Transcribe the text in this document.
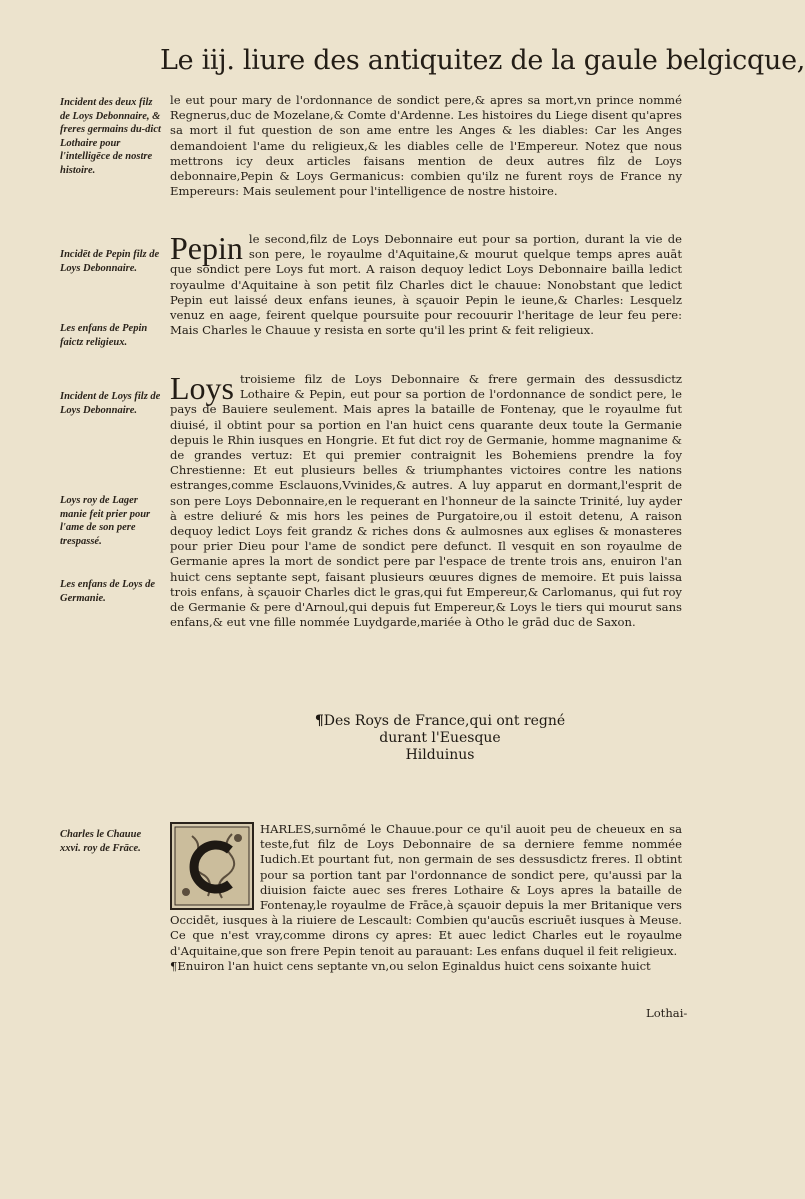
Le iij. liure des antiquitez de la gaule belgicque,
Incident des deux filz de Loys Debonnaire, & freres germains du-dict Lothaire pour l'intelligēce de nostre histoire.
Incidēt de Pepin filz de Loys Debonnaire.
Les enfans de Pepin faictz religieux.
Incident de Loys filz de Loys Debonnaire.
Loys roy de Lager manie feit prier pour l'ame de son pere trespassé.
Les enfans de Loys de Germanie.
Charles le Chauue xxvi. roy de Frāce.
le eut pour mary de l'ordonnance de sondict pere,& apres sa mort,vn prince nommé Regnerus,duc de Mozelane,& Comte d'Ardenne. Les histoires du Liege disent qu'apres sa mort il fut question de son ame entre les Anges & les diables: Car les Anges demandoient l'ame du religieux,& les diables celle de l'Empereur. Notez que nous mettrons icy deux articles faisans mention de deux autres filz de Loys debonnaire,Pepin & Loys Germanicus: combien qu'ilz ne furent roys de France ny Empereurs: Mais seulement pour l'intelligence de nostre histoire.
Pepin le second,filz de Loys Debonnaire eut pour sa portion, durant la vie de son pere, le royaulme d'Aquitaine,& mourut quelque temps apres auāt que sondict pere Loys fut mort. A raison dequoy ledict Loys Debonnaire bailla ledict royaulme d'Aquitaine à son petit filz Charles dict le chauue: Nonobstant que ledict Pepin eut laissé deux enfans ieunes, à sçauoir Pepin le ieune,& Charles: Lesquelz venuz en aage, feirent quelque poursuite pour recouurir l'heritage de leur feu pere: Mais Charles le Chauue y resista en sorte qu'il les print & feit religieux.
Loys troisieme filz de Loys Debonnaire & frere germain des dessusdictz Lothaire & Pepin, eut pour sa portion de l'ordonnance de sondict pere, le pays de Bauiere seulement. Mais apres la bataille de Fontenay, que le royaulme fut diuisé, il obtint pour sa portion en l'an huict cens quarante deux toute la Germanie depuis le Rhin iusques en Hongrie. Et fut dict roy de Germanie, homme magnanime & de grandes vertuz: Et qui premier contraignit les Bohemiens prendre la foy Chrestienne: Et eut plusieurs belles & triumphantes victoires contre les nations estranges,comme Esclauons,Vvinides,& autres. A luy apparut en dormant,l'esprit de son pere Loys Debonnaire,en le requerant en l'honneur de la saincte Trinité, luy ayder à estre deliuré & mis hors les peines de Purgatoire,ou il estoit detenu, A raison dequoy ledict Loys feit grandz & riches dons & aulmosnes aux eglises & monasteres pour prier Dieu pour l'ame de sondict pere defunct. Il vesquit en son royaulme de Germanie apres la mort de sondict pere par l'espace de trente trois ans, enuiron l'an huict cens septante sept, faisant plusieurs œuures dignes de memoire. Et puis laissa trois enfans, à sçauoir Charles dict le gras,qui fut Empereur,& Carlomanus, qui fut roy de Germanie & pere d'Arnoul,qui depuis fut Empereur,& Loys le tiers qui mourut sans enfans,& eut vne fille nommée Luydgarde,mariée à Otho le grād duc de Saxon.
¶Des Roys de France,qui ont regné
durant l'Euesque
Hilduinus
HARLES,surnōmé le Chauue.pour ce qu'il auoit peu de cheueux en sa teste,fut filz de Loys Debonnaire de sa derniere femme nommée Iudich.Et pourtant fut, non germain de ses dessusdictz freres. Il obtint pour sa portion tant par l'ordonnance de sondict pere, qu'aussi par la diuision faicte auec ses freres Lothaire & Loys apres la bataille de Fontenay,le royaulme de Frāce,à sçauoir depuis la mer Britanique vers Occidēt, iusques à la riuiere de Lescault: Combien qu'aucūs escriuēt iusques à Meuse. Ce que n'est vray,comme dirons cy apres: Et auec ledict Charles eut le royaulme d'Aquitaine,que son frere Pepin tenoit au parauant: Les enfans duquel il feit religieux.
¶Enuiron l'an huict cens septante vn,ou selon Eginaldus huict cens soixante huict
Lothai-
